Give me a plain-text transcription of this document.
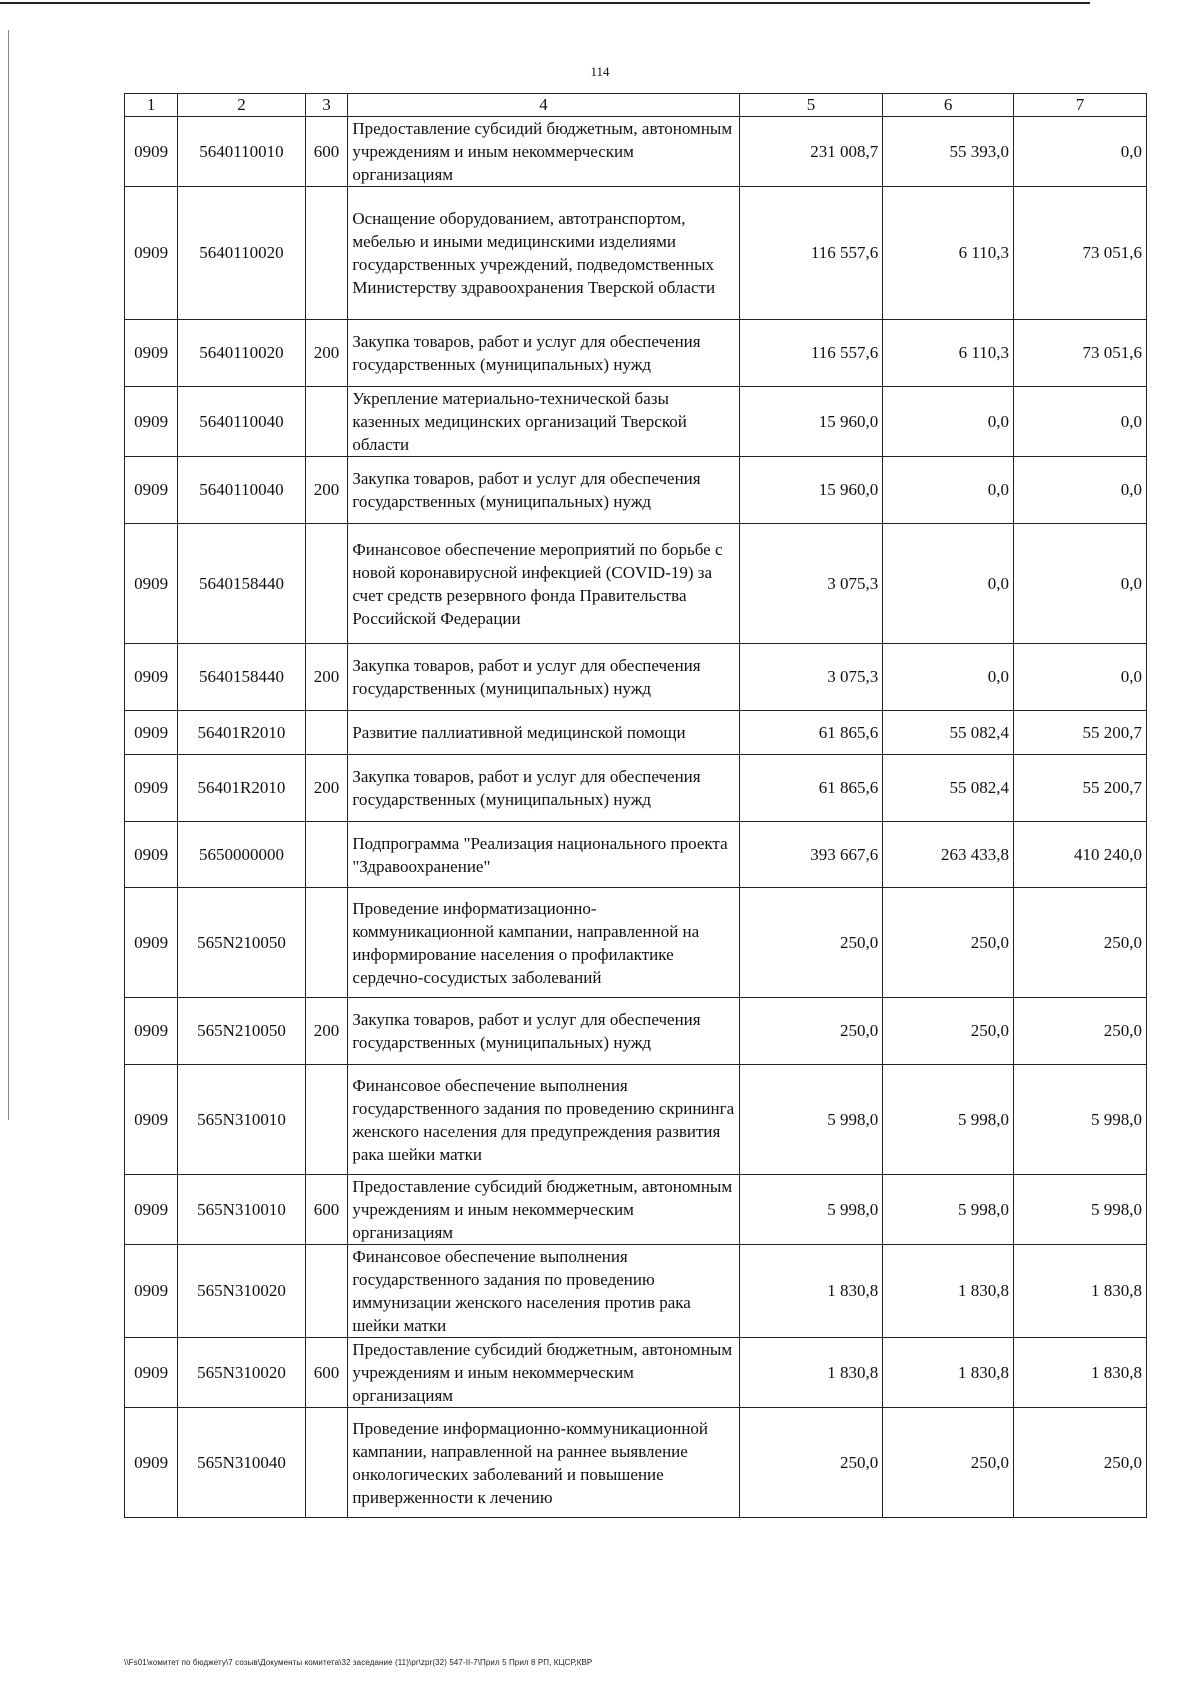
114
1	2	3	4	5	6	7
0909	5640110010	600	Предоставление субсидий бюджетным, автономным учреждениям и иным некоммерческим организациям	231 008,7	55 393,0	0,0
0909	5640110020		Оснащение оборудованием, автотранспортом, мебелью и иными медицинскими изделиями государственных учреждений, подведомственных Министерству здравоохранения Тверской области	116 557,6	6 110,3	73 051,6
0909	5640110020	200	Закупка товаров, работ и услуг для обеспечения государственных (муниципальных) нужд	116 557,6	6 110,3	73 051,6
0909	5640110040		Укрепление материально-технической базы казенных медицинских организаций Тверской области	15 960,0	0,0	0,0
0909	5640110040	200	Закупка товаров, работ и услуг для обеспечения государственных (муниципальных) нужд	15 960,0	0,0	0,0
0909	5640158440		Финансовое обеспечение мероприятий по борьбе с новой коронавирусной инфекцией (COVID-19) за счет средств резервного фонда Правительства Российской Федерации	3 075,3	0,0	0,0
0909	5640158440	200	Закупка товаров, работ и услуг для обеспечения государственных (муниципальных) нужд	3 075,3	0,0	0,0
0909	56401R2010		Развитие паллиативной медицинской помощи	61 865,6	55 082,4	55 200,7
0909	56401R2010	200	Закупка товаров, работ и услуг для обеспечения государственных (муниципальных) нужд	61 865,6	55 082,4	55 200,7
0909	5650000000		Подпрограмма "Реализация национального проекта "Здравоохранение"	393 667,6	263 433,8	410 240,0
0909	565N210050		Проведение информатизационно-коммуникационной кампании, направленной на информирование населения о профилактике сердечно-сосудистых заболеваний	250,0	250,0	250,0
0909	565N210050	200	Закупка товаров, работ и услуг для обеспечения государственных (муниципальных) нужд	250,0	250,0	250,0
0909	565N310010		Финансовое обеспечение выполнения государственного задания по проведению скрининга женского населения для предупреждения развития рака шейки матки	5 998,0	5 998,0	5 998,0
0909	565N310010	600	Предоставление субсидий бюджетным, автономным учреждениям и иным некоммерческим организациям	5 998,0	5 998,0	5 998,0
0909	565N310020		Финансовое обеспечение выполнения государственного задания по проведению иммунизации женского населения против рака шейки матки	1 830,8	1 830,8	1 830,8
0909	565N310020	600	Предоставление субсидий бюджетным, автономным учреждениям и иным некоммерческим организациям	1 830,8	1 830,8	1 830,8
0909	565N310040		Проведение информационно-коммуникационной кампании, направленной на раннее выявление онкологических заболеваний и повышение приверженности к лечению	250,0	250,0	250,0
\\Fs01\комитет по бюджету\7 созыв\Документы комитета\32 заседание (11)\pr\zpr(32) 547-II-7\Прил 5 Прил 8 РП, КЦСР,КВР
